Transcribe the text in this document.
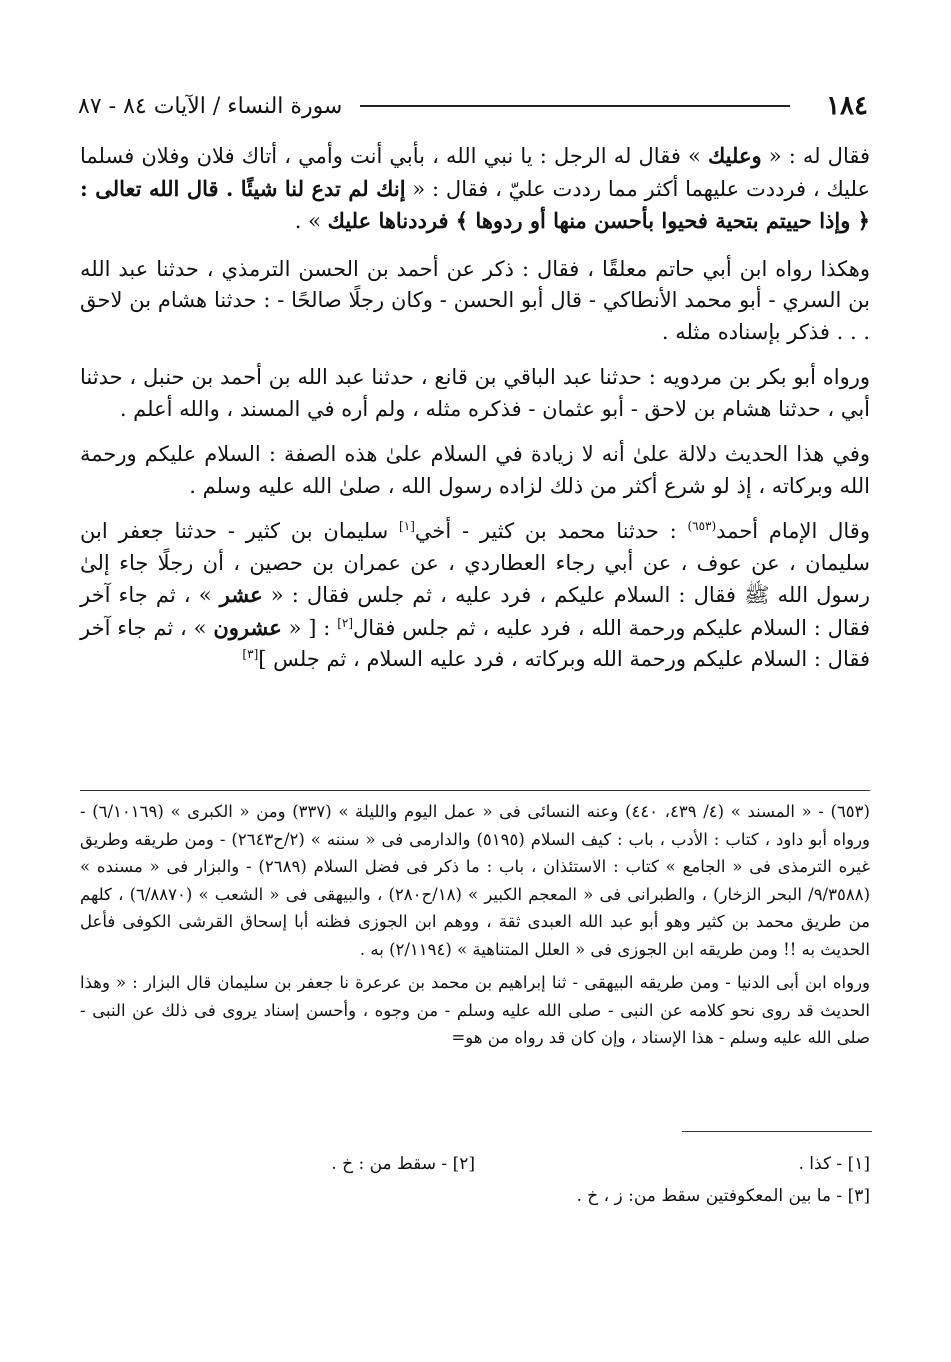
١٨٤
سورة النساء / الآيات ٨٤ - ٨٧

فقال له : « وعليك » فقال له الرجل : يا نبي الله ، بأبي أنت وأمي ، أتاك فلان وفلان فسلما عليك ، فرددت عليهما أكثر مما رددت عليّ ، فقال : « إنك لم تدع لنا شيئًا . قال الله تعالى : ﴿ وإذا حييتم بتحية فحيوا بأحسن منها أو ردوها ﴾ فرددناها عليك » .

وهكذا رواه ابن أبي حاتم معلقًا ، فقال : ذكر عن أحمد بن الحسن الترمذي ، حدثنا عبد الله بن السري - أبو محمد الأنطاكي - قال أبو الحسن - وكان رجلًا صالحًا - : حدثنا هشام بن لاحق . . . فذكر بإسناده مثله .

ورواه أبو بكر بن مردويه : حدثنا عبد الباقي بن قانع ، حدثنا عبد الله بن أحمد بن حنبل ، حدثنا أبي ، حدثنا هشام بن لاحق - أبو عثمان - فذكره مثله ، ولم أره في المسند ، والله أعلم .

وفي هذا الحديث دلالة علىٰ أنه لا زيادة في السلام علىٰ هذه الصفة : السلام عليكم ورحمة الله وبركاته ، إذ لو شرع أكثر من ذلك لزاده رسول الله ، صلىٰ الله عليه وسلم .

وقال الإمام أحمد$^{(٦٥٣)}$ : حدثنا محمد بن كثير - أخي[١] سليمان بن كثير - حدثنا جعفر ابن سليمان ، عن عوف ، عن أبي رجاء العطاردي ، عن عمران بن حصين ، أن رجلًا جاء إلىٰ رسول الله ﷺ فقال : السلام عليكم ، فرد عليه ، ثم جلس فقال : « عشر » ، ثم جاء آخر فقال : السلام عليكم ورحمة الله ، فرد عليه ، ثم جلس فقال[٢] : [ « عشرون » ، ثم جاء آخر فقال : السلام عليكم ورحمة الله وبركاته ، فرد عليه السلام ، ثم جلس ][٣]

(٦٥٣) - « المسند » (٤/ ٤٣٩، ٤٤٠) وعنه النسائى فى « عمل اليوم والليلة » (٣٣٧) ومن « الكبرى » (٦/١٠١٦٩) - ورواه أبو داود ، كتاب : الأدب ، باب : كيف السلام (٥١٩٥) والدارمى فى « سننه » (٢/ح٢٦٤٣) - ومن طريقه وطريق غيره الترمذى فى « الجامع » كتاب : الاستئذان ، باب : ما ذكر فى فضل السلام (٢٦٨٩) - والبزار فى « مسنده » (٩/٣٥٨٨/ البحر الزخار) ، والطبرانى فى « المعجم الكبير » (١٨/ح٢٨٠) ، والبيهقى فى « الشعب » (٦/٨٨٧٠) ، كلهم من طريق محمد بن كثير وهو أبو عبد الله العبدى ثقة ، ووهم ابن الجوزى فظنه أبا إسحاق القرشى الكوفى فأعل الحديث به !! ومن طريقه ابن الجوزى فى « العلل المتناهية » (٢/١١٩٤) به .

ورواه ابن أبى الدنيا - ومن طريقه البيهقى - ثنا إبراهيم بن محمد بن عرعرة نا جعفر بن سليمان قال البزار : « وهذا الحديث قد روى نحو كلامه عن النبى - صلى الله عليه وسلم - من وجوه ، وأحسن إسناد يروى فى ذلك عن النبى - صلى الله عليه وسلم - هذا الإسناد ، وإن كان قد رواه من هو=

[١] - كذا .
[٢] - سقط من : خ .
[٣] - ما بين المعكوفتين سقط من: ز ، خ .
